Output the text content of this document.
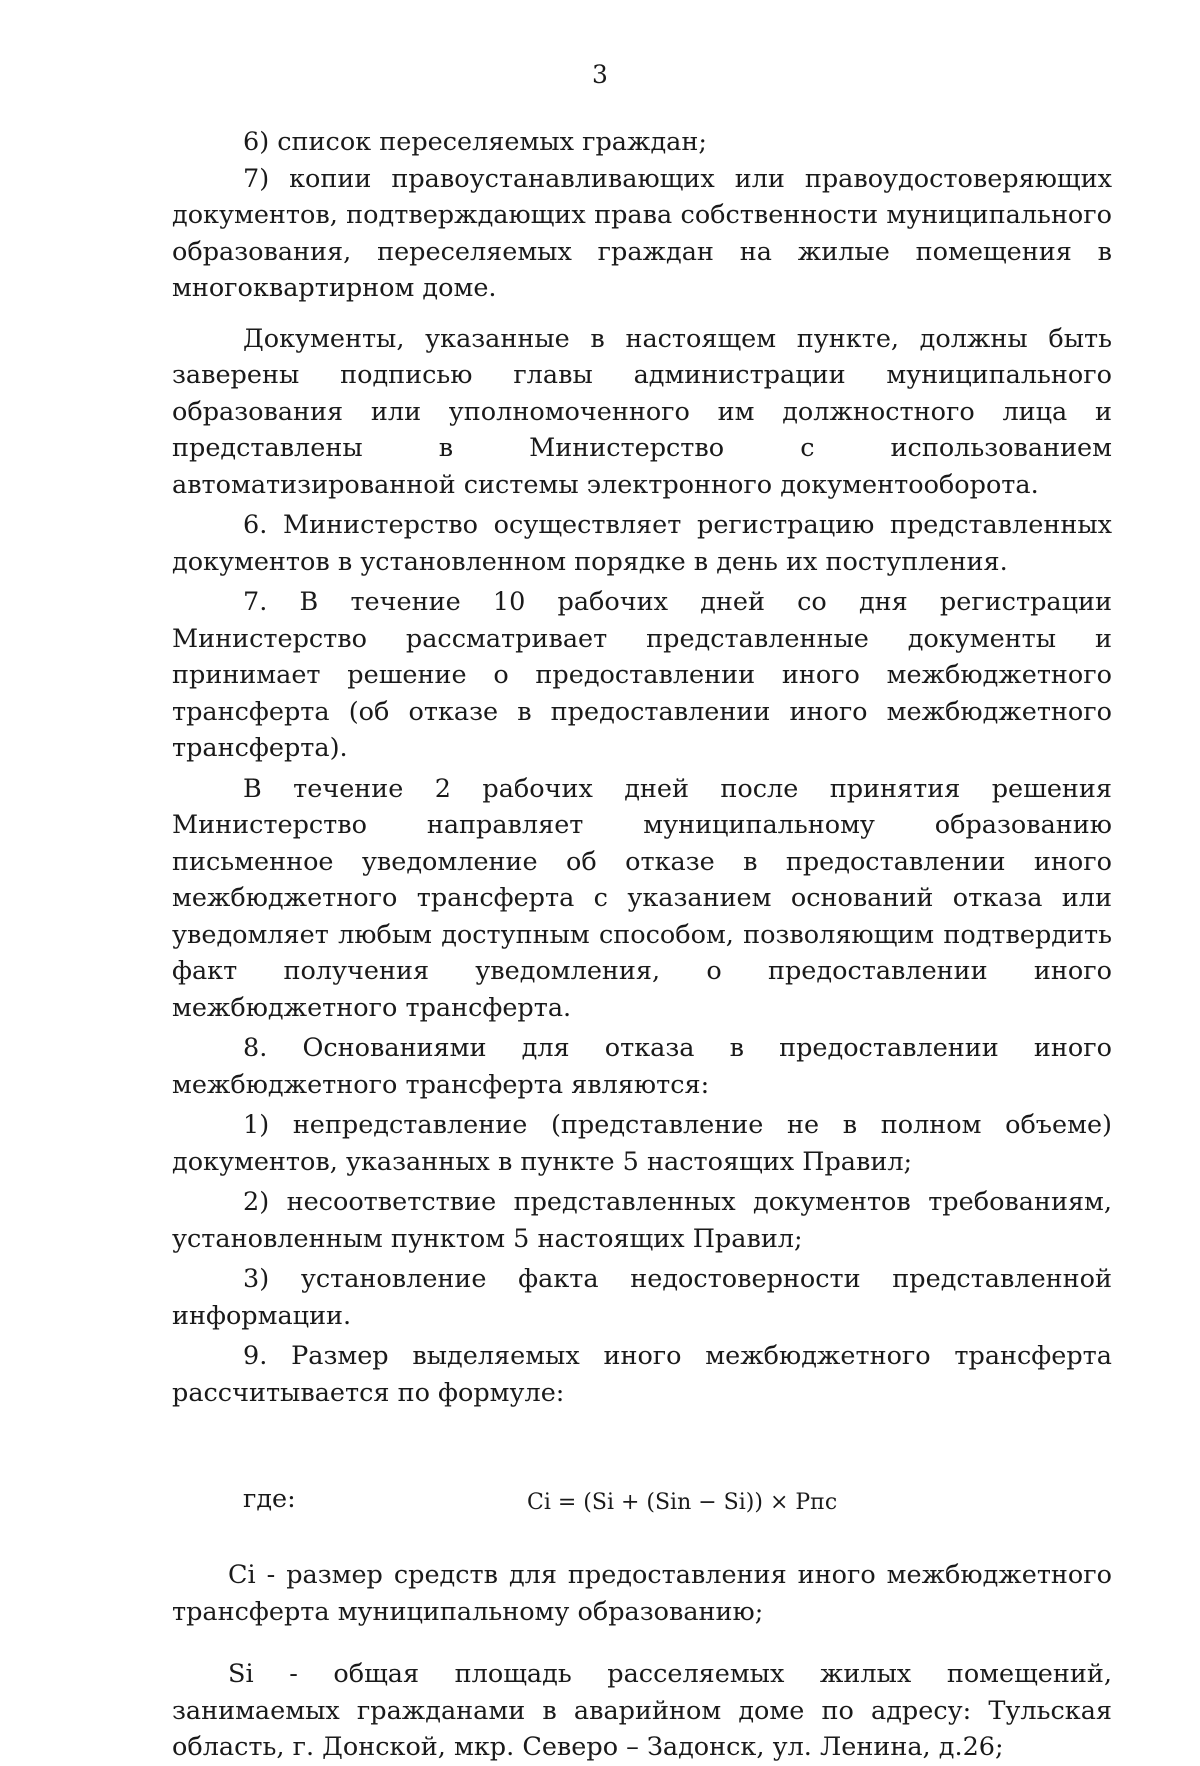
3

6) список переселяемых граждан;

7) копии правоустанавливающих или правоудостоверяющих документов, подтверждающих права собственности муниципального образования, переселяемых граждан на жилые помещения в многоквартирном доме.

Документы, указанные в настоящем пункте, должны быть заверены подписью главы администрации муниципального образования или уполномоченного им должностного лица и представлены в Министерство с использованием автоматизированной системы электронного документооборота.

6. Министерство осуществляет регистрацию представленных документов в установленном порядке в день их поступления.

7. В течение 10 рабочих дней со дня регистрации Министерство рассматривает представленные документы и принимает решение о предоставлении иного межбюджетного трансферта (об отказе в предоставлении иного межбюджетного трансферта).

В течение 2 рабочих дней после принятия решения Министерство направляет муниципальному образованию письменное уведомление об отказе в предоставлении иного межбюджетного трансферта с указанием оснований отказа или уведомляет любым доступным способом, позволяющим подтвердить факт получения уведомления, о предоставлении иного межбюджетного трансферта.

8. Основаниями для отказа в предоставлении иного межбюджетного трансферта являются:

1) непредставление (представление не в полном объеме) документов, указанных в пункте 5 настоящих Правил;

2) несоответствие представленных документов требованиям, установленным пунктом 5 настоящих Правил;

3) установление факта недостоверности представленной информации.

9. Размер выделяемых иного межбюджетного трансферта рассчитывается по формуле:

где:	Ci = (Si + (Sin − Si)) × Pпс

Ci - размер средств для предоставления иного межбюджетного трансферта муниципальному образованию;

Si - общая площадь расселяемых жилых помещений, занимаемых гражданами в аварийном доме по адресу: Тульская область, г. Донской, мкр. Северо – Задонск, ул. Ленина, д.26;
